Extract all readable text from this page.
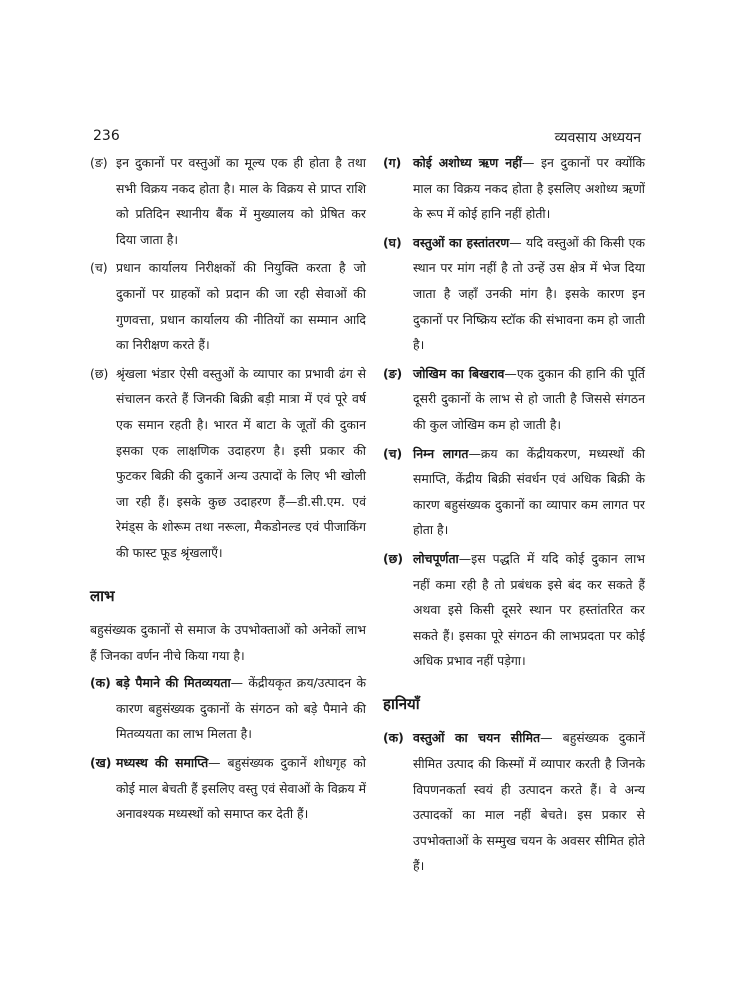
236	व्यवसाय अध्ययन
(ङ) इन दुकानों पर वस्तुओं का मूल्य एक ही होता है तथा सभी विक्रय नकद होता है। माल के विक्रय से प्राप्त राशि को प्रतिदिन स्थानीय बैंक में मुख्यालय को प्रेषित कर दिया जाता है।
(च) प्रधान कार्यालय निरीक्षकों की नियुक्ति करता है जो दुकानों पर ग्राहकों को प्रदान की जा रही सेवाओं की गुणवत्ता, प्रधान कार्यालय की नीतियों का सम्मान आदि का निरीक्षण करते हैं।
(छ) श्रृंखला भंडार ऐसी वस्तुओं के व्यापार का प्रभावी ढंग से संचालन करते हैं जिनकी बिक्री बड़ी मात्रा में एवं पूरे वर्ष एक समान रहती है। भारत में बाटा के जूतों की दुकान इसका एक लाक्षणिक उदाहरण है। इसी प्रकार की फुटकर बिक्री की दुकानें अन्य उत्पादों के लिए भी खोली जा रही हैं। इसके कुछ उदाहरण हैं—डी.सी.एम. एवं रेमंड्स के शोरूम तथा नरूला, मैकडोनल्ड एवं पीजाकिंग की फास्ट फूड श्रृंखलाएँ।
लाभ
बहुसंख्यक दुकानों से समाज के उपभोक्ताओं को अनेकों लाभ हैं जिनका वर्णन नीचे किया गया है।
(क) बड़े पैमाने की मितव्ययता— केंद्रीयकृत क्रय/उत्पादन के कारण बहुसंख्यक दुकानों के संगठन को बड़े पैमाने की मितव्ययता का लाभ मिलता है।
(ख) मध्यस्थ की समाप्ति— बहुसंख्यक दुकानें शोधगृह को कोई माल बेचती हैं इसलिए वस्तु एवं सेवाओं के विक्रय में अनावश्यक मध्यस्थों को समाप्त कर देती हैं।
(ग) कोई अशोध्य ऋण नहीं— इन दुकानों पर क्योंकि माल का विक्रय नकद होता है इसलिए अशोध्य ऋणों के रूप में कोई हानि नहीं होती।
(घ) वस्तुओं का हस्तांतरण— यदि वस्तुओं की किसी एक स्थान पर मांग नहीं है तो उन्हें उस क्षेत्र में भेज दिया जाता है जहाँ उनकी मांग है। इसके कारण इन दुकानों पर निष्क्रिय स्टॉक की संभावना कम हो जाती है।
(ङ) जोखिम का बिखराव—एक दुकान की हानि की पूर्ति दूसरी दुकानों के लाभ से हो जाती है जिससे संगठन की कुल जोखिम कम हो जाती है।
(च) निम्न लागत—क्रय का केंद्रीयकरण, मध्यस्थों की समाप्ति, केंद्रीय बिक्री संवर्धन एवं अधिक बिक्री के कारण बहुसंख्यक दुकानों का व्यापार कम लागत पर होता है।
(छ) लोचपूर्णता—इस पद्धति में यदि कोई दुकान लाभ नहीं कमा रही है तो प्रबंधक इसे बंद कर सकते हैं अथवा इसे किसी दूसरे स्थान पर हस्तांतरित कर सकते हैं। इसका पूरे संगठन की लाभप्रदता पर कोई अधिक प्रभाव नहीं पड़ेगा।
हानियाँ
(क) वस्तुओं का चयन सीमित— बहुसंख्यक दुकानें सीमित उत्पाद की किस्मों में व्यापार करती है जिनके विपणनकर्ता स्वयं ही उत्पादन करते हैं। वे अन्य उत्पादकों का माल नहीं बेचते। इस प्रकार से उपभोक्ताओं के सम्मुख चयन के अवसर सीमित होते हैं।
